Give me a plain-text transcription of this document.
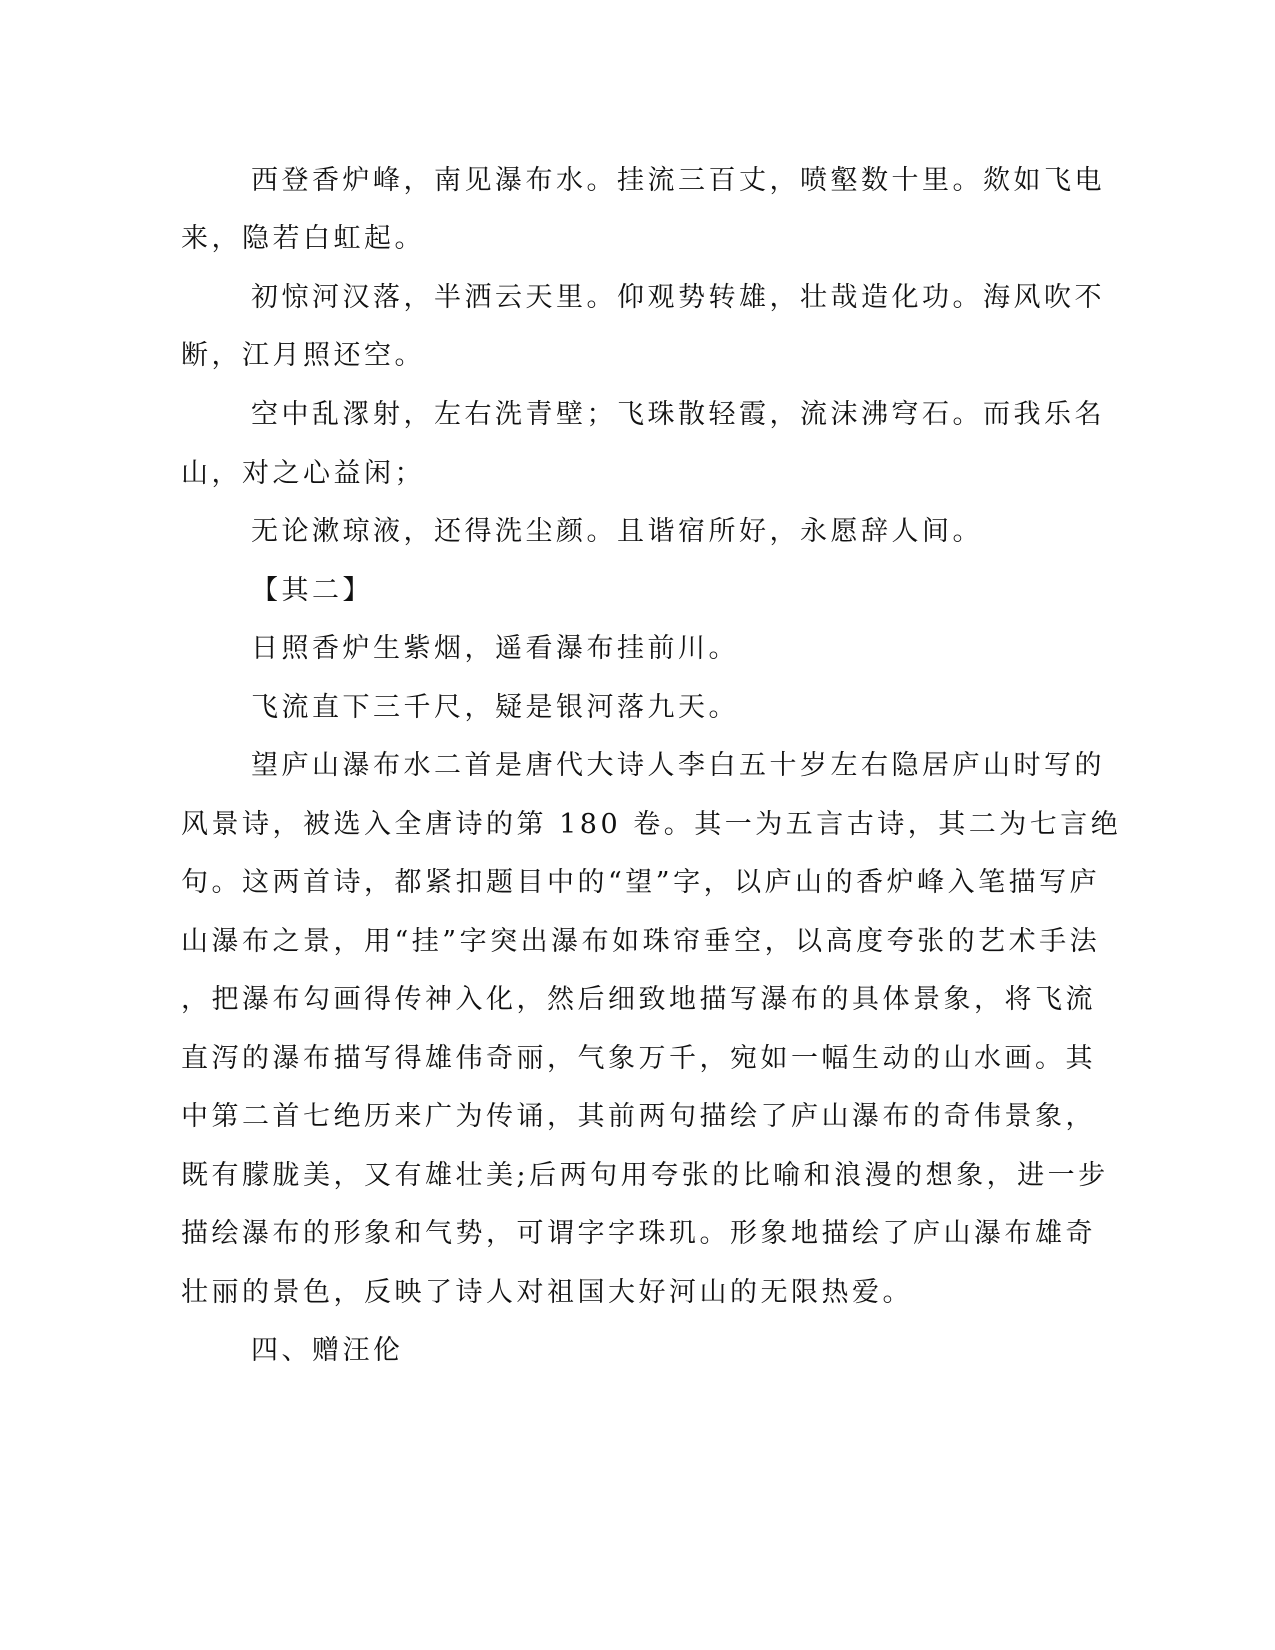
西登香炉峰，南见瀑布水。挂流三百丈，喷壑数十里。欻如飞电
来，隐若白虹起。
初惊河汉落，半洒云天里。仰观势转雄，壮哉造化功。海风吹不
断，江月照还空。
空中乱潈射，左右洗青壁；飞珠散轻霞，流沫沸穹石。而我乐名
山，对之心益闲；
无论漱琼液，还得洗尘颜。且谐宿所好，永愿辞人间。
【其二】
日照香炉生紫烟，遥看瀑布挂前川。
飞流直下三千尺，疑是银河落九天。
望庐山瀑布水二首是唐代大诗人李白五十岁左右隐居庐山时写的
风景诗，被选入全唐诗的第 180 卷。其一为五言古诗，其二为七言绝
句。这两首诗，都紧扣题目中的“望”字，以庐山的香炉峰入笔描写庐
山瀑布之景，用“挂”字突出瀑布如珠帘垂空，以高度夸张的艺术手法
，把瀑布勾画得传神入化，然后细致地描写瀑布的具体景象，将飞流
直泻的瀑布描写得雄伟奇丽，气象万千，宛如一幅生动的山水画。其
中第二首七绝历来广为传诵，其前两句描绘了庐山瀑布的奇伟景象，
既有朦胧美，又有雄壮美;后两句用夸张的比喻和浪漫的想象，进一步
描绘瀑布的形象和气势，可谓字字珠玑。形象地描绘了庐山瀑布雄奇
壮丽的景色，反映了诗人对祖国大好河山的无限热爱。
四、赠汪伦
